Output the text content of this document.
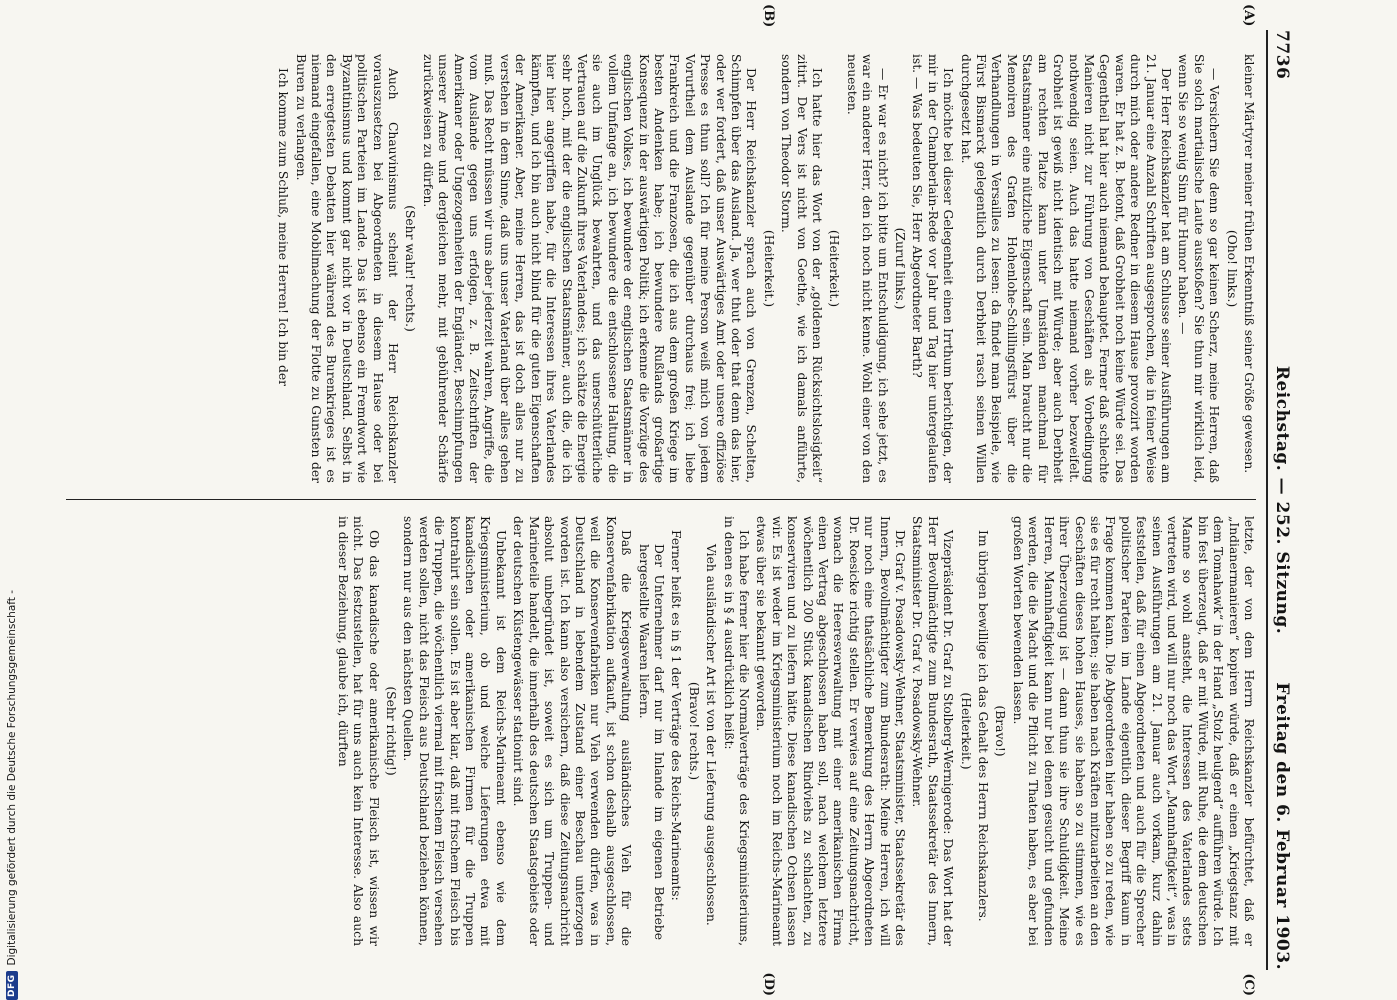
7736
Reichstag. — 252. Sitzung.
Freitag den 6. Februar 1903.
(A)
(B)
(C)
(D)

kleiner Märtyrer meiner frühen Erkenntniß seiner Größe gewesen.

(Oho! links.)

— Versichern Sie denn so gar keinen Scherz, meine Herren, daß Sie solch martialische Laute ausstoßen? Sie thun mir wirklich leid, wenn Sie so wenig Sinn für Humor haben. —

Der Herr Reichskanzler hat am Schlusse seiner Ausführungen am 21. Januar eine Anzahl Schriften ausgesprochen, die in feiner Weise durch mich oder andere Redner in diesem Hause provozirt worden waren. Er hat z. B. betont, daß Grobheit noch keine Würde sei. Das Gegentheil hat hier auch niemand behauptet. Ferner daß schlechte Manieren nicht zur Führung von Geschäften als Vorbedingung nothwendig seien. Auch das hatte niemand vorher bezweifelt. Grobheit ist gewiß nicht identisch mit Würde; aber auch Derbheit am rechten Platze kann unter Umständen manchmal für Staatsmänner eine nützliche Eigenschaft sein. Man braucht nur die Memoiren des Grafen Hohenlohe-Schillingsfürst über die Verhandlungen in Versailles zu lesen: da findet man Beispiele, wie Fürst Bismarck gelegentlich durch Derbheit rasch seinen Willen durchgesetzt hat.

Ich möchte bei dieser Gelegenheit einen Irrthum berichtigen, der mir in der Chamberlain-Rede vor Jahr und Tag hier untergelaufen ist. — Was bedeuten Sie, Herr Abgeordneter Barth?

(Zuruf links.)

— Er war es nicht? ich bitte um Entschuldigung, ich sehe jetzt, es war ein anderer Herr, den ich noch nicht kenne. Wohl einer von den neuesten.

(Heiterkeit.)

Ich hatte hier das Wort von der „goldenen Rücksichtslosigkeit“ zitirt. Der Vers ist nicht von Goethe, wie ich damals anführte, sondern von Theodor Storm.

(Heiterkeit.)

Der Herr Reichskanzler sprach auch von Grenzen, Schelten, Schimpfen über das Ausland. Ja, wer thut oder that denn das hier, oder wer fordert, daß unser Auswärtiges Amt oder unsere offiziöse Presse es thun soll? Ich für meine Person weiß mich von jedem Vorurtheil dem Auslande gegenüber durchaus frei; ich liebe Frankreich und die Franzosen, die ich aus dem großen Kriege im besten Andenken habe; ich bewundere Rußlands großartige Konsequenz in der auswärtigen Politik; ich erkenne die Vorzüge des englischen Volkes, ich bewundere der englischen Staatsmänner in vollem Umfange an, ich bewundere die entschlossene Haltung, die sie auch im Unglück bewahrten, und das unerschütterliche Vertrauen auf die Zukunft ihres Vaterlandes; ich schätze die Energie sehr hoch, mit der die englischen Staatsmänner, auch die, die ich hier hier angegriffen habe, für die Interessen ihres Vaterlandes kämpften, und ich bin auch nicht blind für die guten Eigenschaften der Amerikaner. Aber, meine Herren, das ist doch alles nur zu verstehen in dem Sinne, daß uns unser Vaterland über alles gehen muß. Das Recht müssen wir uns aber jederzeit wahren, Angriffe, die vom Auslande gegen uns erfolgen, z. B. Zeitschriften der Amerikaner oder Ungezogenheiten der Engländer, Beschimpfungen unserer Armee und dergleichen mehr, mit gebührender Schärfe zurückweisen zu dürfen.

(Sehr wahr! rechts.)

Auch Chauvinismus scheint der Herr Reichskanzler vorauszusetzen bei Abgeordneten in diesem Hause oder bei politischen Parteien im Lande. Das ist ebenso ein Fremdwort wie Byzantinismus und kommt gar nicht vor in Deutschland. Selbst in den erregtesten Debatten hier während des Burenkrieges ist es niemand eingefallen, eine Mobilmachung der Flotte zu Gunsten der Buren zu verlangen.

Ich komme zum Schluß, meine Herren! Ich bin der

letzte, der von dem Herrn Reichskanzler befürchtet, daß er „Indianermanieren“ kopiren würde, daß er einen „Kriegstanz mit dem Tomahawk“ in der Hand „Stolz heulgend“ aufführen würde. Ich bin fest überzeugt, daß er mit Würde, mit Ruhe, die dem deutschen Manne so wohl ansteht, die Interessen des Vaterlandes stets vertreten wird, und will nur noch das Wort „Mannhaftigkeit“, was in seinen Ausführungen am 21. Januar auch vorkam, kurz dahin feststellen, daß für einen Abgeordneten und auch für die Sprecher politischer Parteien im Lande eigentlich dieser Begriff kaum in Frage kommen kann. Die Abgeordneten hier haben so zu reden, wie sie es für recht halten; sie haben nach Kräften mitzuarbeiten an den Geschäften dieses hohen Hauses, sie haben so zu stimmen, wie es ihrer Überzeugung ist — dann thun sie ihre Schuldigkeit. Meine Herren, Mannhaftigkeit kann nur bei denen gesucht und gefunden werden, die die Macht und die Pflicht zu Thaten haben, es aber bei großen Worten bewenden lassen.

(Bravo!)

Im übrigen bewillige ich das Gehalt des Herrn Reichskanzlers.

(Heiterkeit.)

Vizepräsident Dr. Graf zu Stolberg-Wernigerode: Das Wort hat der Herr Bevollmächtigte zum Bundesrath, Staatssekretär des Innern, Staatsminister Dr. Graf v. Posadowsky-Wehner.

Dr. Graf v. Posadowsky-Wehner, Staatsminister, Staatssekretär des Innern, Bevollmächtigter zum Bundesrath: Meine Herren, ich will nur noch eine thatsächliche Bemerkung des Herrn Abgeordneten Dr. Roesicke richtig stellen. Er verwies auf eine Zeitungsnachricht, wonach die Heeresverwaltung mit einer amerikanischen Firma einen Vertrag abgeschlossen haben soll, nach welchem letztere wöchentlich 200 Stück kanadischen Rindviehs zu schlachten, zu konserviren und zu liefern hätte. Diese kanadischen Ochsen lassen wir. Es ist weder im Kriegsministerium noch im Reichs-Marineamt etwas über sie bekannt geworden.

Ich habe ferner hier die Normalverträge des Kriegsministeriums, in denen es in § 4 ausdrücklich heißt:

Vieh ausländischer Art ist von der Lieferung ausgeschlossen.

(Bravo! rechts.)

Ferner heißt es in § 1 der Verträge des Reichs-Marineamts:

Der Unternehmer darf nur im Inlande im eigenen Betriebe hergestellte Waaren liefern.

Daß die Kriegsverwaltung ausländisches Vieh für die Konservenfabrikation aufkauft, ist schon deshalb ausgeschlossen, weil die Konservenfabriken nur Vieh verwenden dürfen, was in Deutschland in lebendem Zustand einer Beschau unterzogen worden ist. Ich kann also versichern, daß diese Zeitungsnachricht absolut unbegründet ist, soweit es sich um Truppen- und Marineteile handelt, die innerhalb des deutschen Staatsgebiets oder der deutschen Küstengewässer stationirt sind.

Unbekannt ist dem Reichs-Marineamt ebenso wie dem Kriegsministerium, ob und welche Lieferungen etwa mit kanadischen oder amerikanischen Firmen für die Truppen kontrahirt sein sollen. Es ist aber klar, daß mit frischem Fleisch bis die Truppen, die wöchentlich viermal mit frischem Fleisch versehen werden sollen, nicht das Fleisch aus Deutschland beziehen können, sondern nur aus den nächsten Quellen.

(Sehr richtig!)

Ob das kanadische oder amerikanische Fleisch ist, wissen wir nicht. Das festzustellen, hat für uns auch kein Interesse. Also auch in dieser Beziehung, glaube ich, dürften

DFG
Digitalisierung gefördert durch die Deutsche Forschungsgemeinschaft -
